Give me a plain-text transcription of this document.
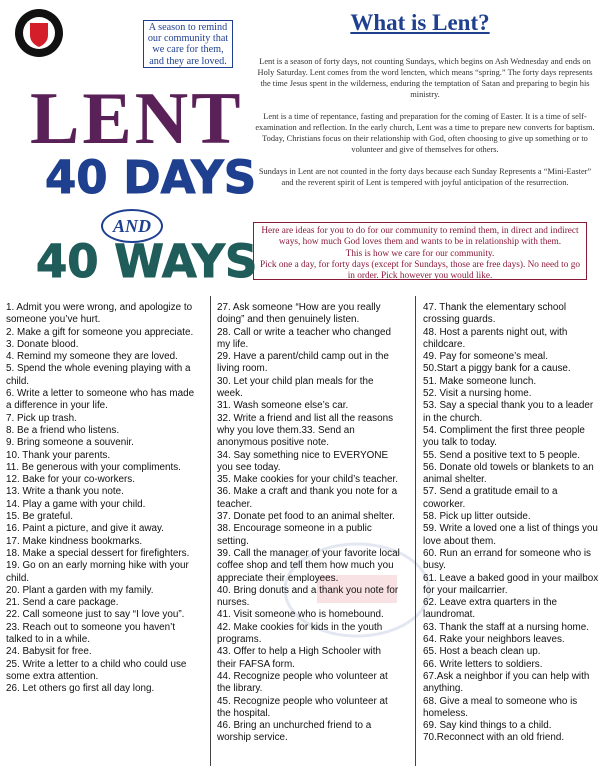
A season to remind our community that we care for them, and they are loved.
What is Lent?

Lent is a season of forty days, not counting Sundays, which begins on Ash Wednesday and ends on Holy Saturday. Lent comes from the word lencten, which means “spring.” The forty days represents the time Jesus spent in the wilderness, enduring the temptation of Satan and preparing to begin his ministry.

Lent is a time of repentance, fasting and preparation for the coming of Easter. It is a time of self-examination and reflection. In the early church, Lent was a time to prepare new converts for baptism. Today, Christians focus on their relationship with God, often choosing to give up something or to volunteer and give of themselves for others.

Sundays in Lent are not counted in the forty days because each Sunday Represents a “Mini-Easter” and the reverent spirit of Lent is tempered with joyful anticipation of the resurrection.

Here are ideas for you to do for our community to remind them, in direct and indirect ways, how much God loves them and wants to be in relationship with them.
This is how we care for our community.
Pick one a day, for forty days (except for Sundays, those are free days). No need to go in order. Pick however you would like.
LENT
40 DAYS
AND
40 WAYS
1. Admit you were wrong, and apologize to someone you’ve hurt.
2. Make a gift for someone you appreciate.
3. Donate blood.
4. Remind my someone they are loved.
5. Spend the whole evening playing with a child.
6. Write a letter to someone who has made a difference in your life.
7. Pick up trash.
8. Be a friend who listens.
9. Bring someone a souvenir.
10. Thank your parents.
11. Be generous with your compliments.
12. Bake for your co-workers.
13. Write a thank you note.
14. Play a game with your child.
15. Be grateful.
16. Paint a picture, and give it away.
17. Make kindness bookmarks.
18. Make a special dessert for firefighters.
19. Go on an early morning hike with your child.
20. Plant a garden with my family.
21. Send a care package.
22. Call someone just to say “I love you”.
23. Reach out to someone you haven’t talked to in a while.
24. Babysit for free.
25. Write a letter to a child who could use some extra attention.
26. Let others go first all day long.
27. Ask someone “How are you really doing” and then genuinely listen.
28. Call or write a teacher who changed my life.
29. Have a parent/child camp out in the living room.
30. Let your child plan meals for the week.
31. Wash someone else’s car.
32. Write a friend and list all the reasons why you love them.33. Send an anonymous positive note.
34. Say something nice to EVERYONE you see today.
35. Make cookies for your child’s teacher.
36. Make a craft and thank you note for a teacher.
37. Donate pet food to an animal shelter.
38. Encourage someone in a public setting.
39. Call the manager of your favorite local coffee shop and tell them how much you appreciate their employees.
40. Bring donuts and a thank you note for nurses.
41. Visit someone who is homebound.
42. Make cookies for kids in the youth programs.
43. Offer to help a High Schooler with their FAFSA form.
44. Recognize people who volunteer at the library.
45. Recognize people who volunteer at the hospital.
46. Bring an unchurched friend to a worship service.
47. Thank the elementary school crossing guards.
48. Host a parents night out, with childcare.
49. Pay for someone’s meal.
50.Start a piggy bank for a cause.
51. Make someone lunch.
52. Visit a nursing home.
53. Say a special thank you to a leader in the church.
54. Compliment the first three people you talk to today.
55. Send a positive text to 5 people.
56. Donate old towels or blankets to an animal shelter.
57. Send a gratitude email to a coworker.
58. Pick up litter outside.
59. Write a loved one a list of things you love about them.
60. Run an errand for someone who is busy.
61. Leave a baked good in your mailbox for your mailcarrier.
62. Leave extra quarters in the laundromat.
63. Thank the staff at a nursing home.
64. Rake your neighbors leaves.
65. Host a beach clean up.
66. Write letters to soldiers.
67.Ask a neighbor if you can help with anything.
68. Give a meal to someone who is homeless.
69. Say kind things to a child.
70.Reconnect with an old friend.
